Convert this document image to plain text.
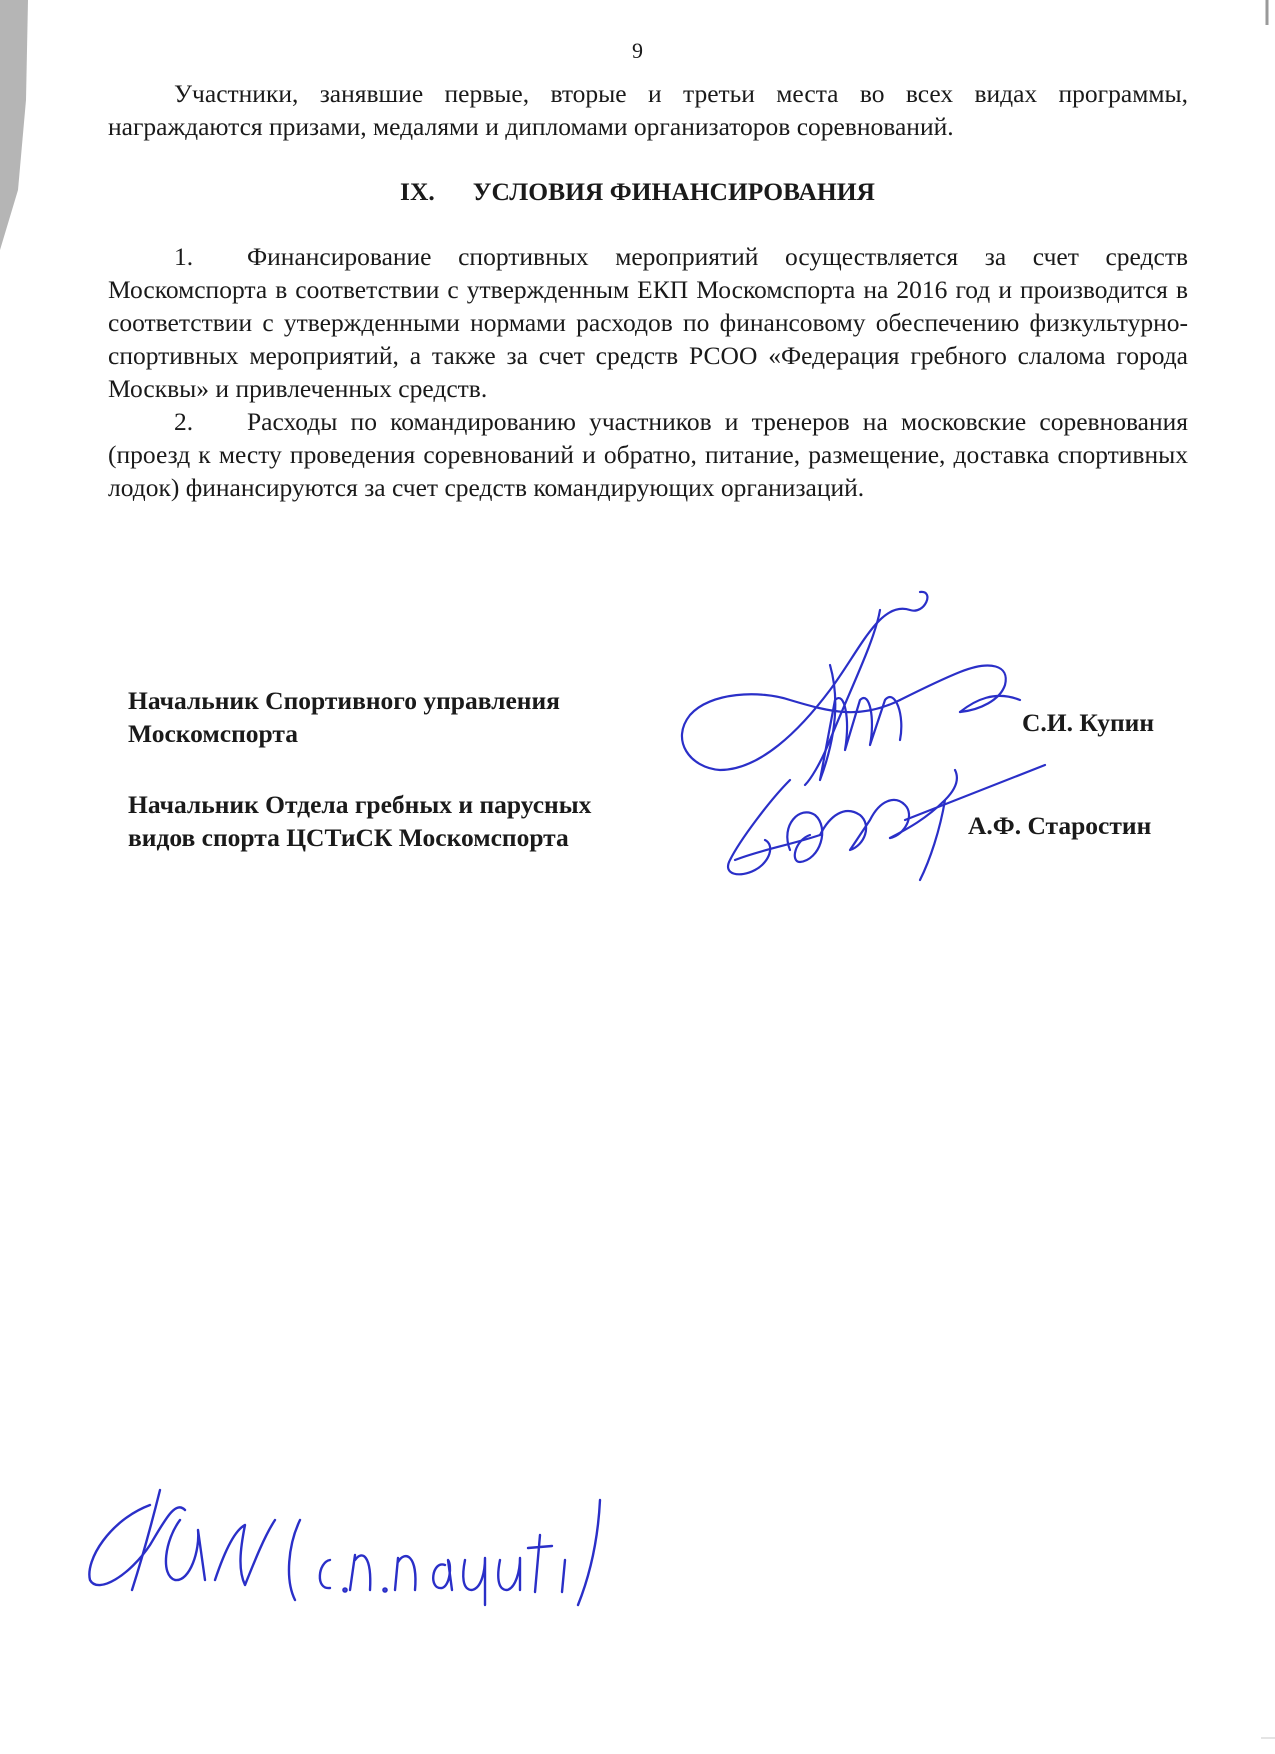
9

Участники, занявшие первые, вторые и третьи места во всех видах программы, награждаются призами, медалями и дипломами организаторов соревнований.

IX. УСЛОВИЯ ФИНАНСИРОВАНИЯ

1. Финансирование спортивных мероприятий осуществляется за счет средств Москомспорта в соответствии с утвержденным ЕКП Москомспорта на 2016 год и производится в соответствии с утвержденными нормами расходов по финансовому обеспечению физкультурно-спортивных мероприятий, а также за счет средств РСОО «Федерация гребного слалома города Москвы» и привлеченных средств.

2. Расходы по командированию участников и тренеров на московские соревнования (проезд к месту проведения соревнований и обратно, питание, размещение, доставка спортивных лодок) финансируются за счет средств командирующих организаций.

Начальник Спортивного управления
Москомспорта	С.И. Купин
Начальник Отдела гребных и парусных
видов спорта ЦСТиСК Москомспорта	А.Ф. Старостин
